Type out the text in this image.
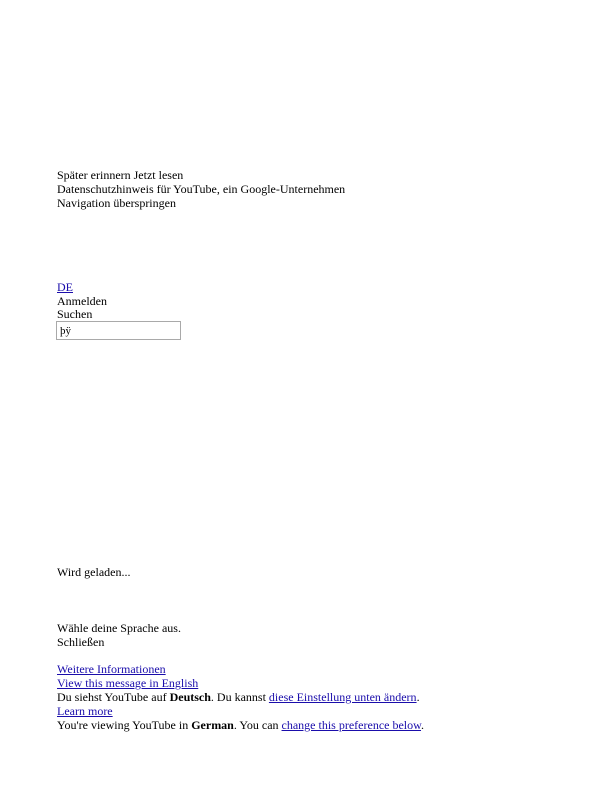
Später erinnern Jetzt lesen
Datenschutzhinweis für YouTube, ein Google-Unternehmen
Navigation überspringen
DE
Anmelden
Suchen
þÿ
Wird geladen...
Wähle deine Sprache aus.
Schließen
Weitere Informationen
View this message in English
Du siehst YouTube auf Deutsch. Du kannst diese Einstellung unten ändern.
Learn more
You're viewing YouTube in German. You can change this preference below.
